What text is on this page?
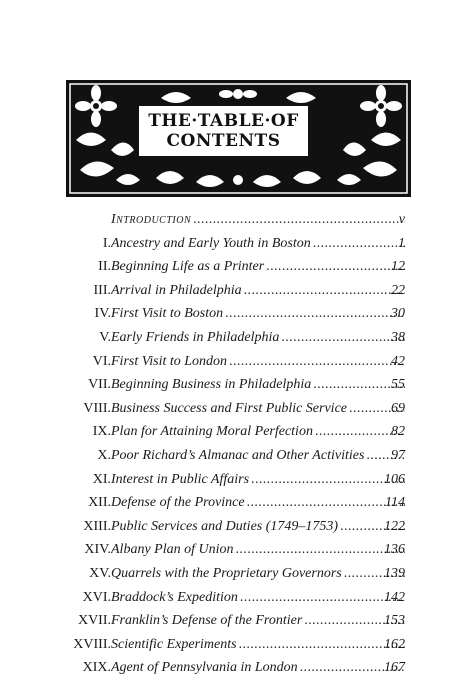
THE·TABLE·OF
CONTENTS
Introduction .....	v
I. Ancestry and Early Youth in Boston .....	1
II. Beginning Life as a Printer .....	12
III. Arrival in Philadelphia .....	22
IV. First Visit to Boston .....	30
V. Early Friends in Philadelphia .....	38
VI. First Visit to London .....	42
VII. Beginning Business in Philadelphia .....	55
VIII. Business Success and First Public Service .....	69
IX. Plan for Attaining Moral Perfection .....	82
X. Poor Richard’s Almanac and Other Activities ..... 97
XI. Interest in Public Affairs .....	106
XII. Defense of the Province .....	114
XIII. Public Services and Duties (1749–1753) .....	122
XIV. Albany Plan of Union .....	136
XV. Quarrels with the Proprietary Governors .....	139
XVI. Braddock’s Expedition .....	142
XVII. Franklin’s Defense of the Frontier .....	153
XVIII. Scientific Experiments .....	162
XIX. Agent of Pennsylvania in London .....	167
